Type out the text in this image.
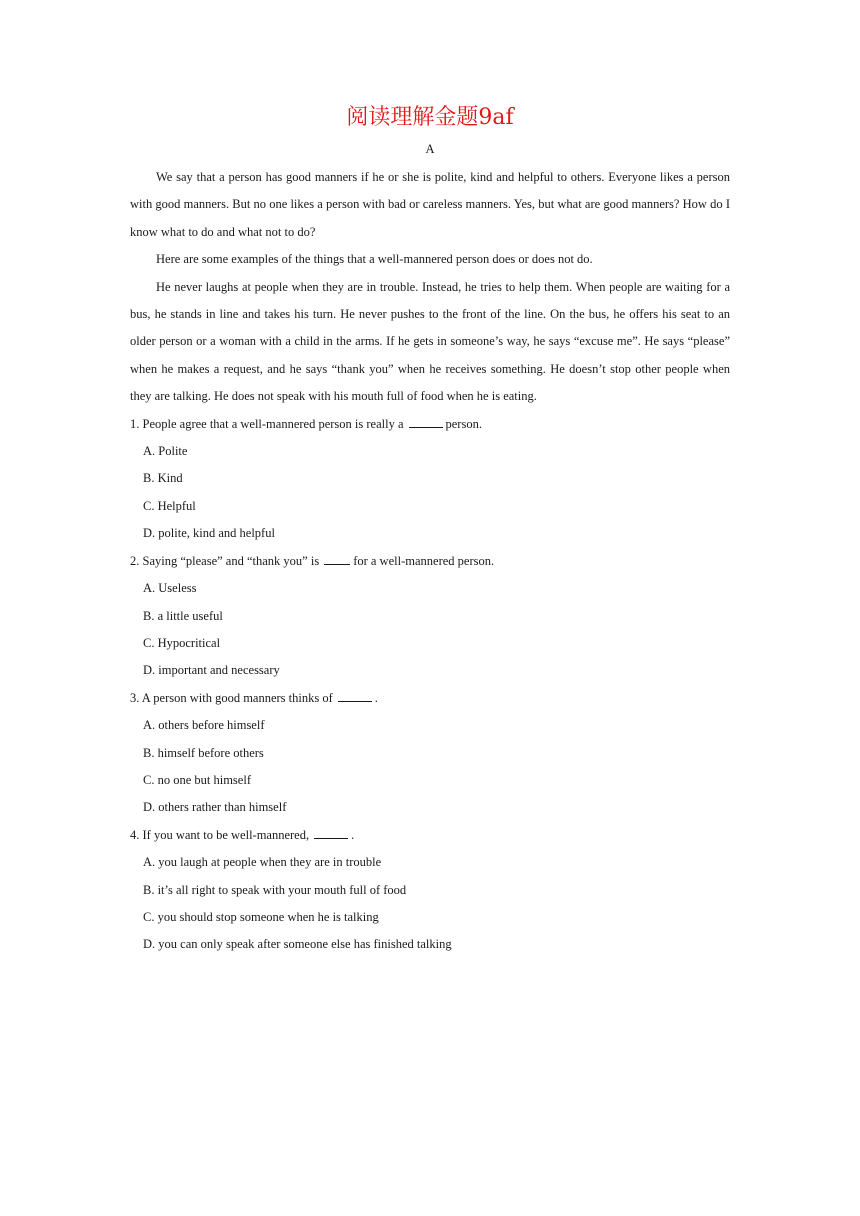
阅读理解金题9af
A

We say that a person has good manners if he or she is polite, kind and helpful to others. Everyone likes a person with good manners. But no one likes a person with bad or careless manners. Yes, but what are good manners? How do I know what to do and what not to do?

Here are some examples of the things that a well-mannered person does or does not do.

He never laughs at people when they are in trouble. Instead, he tries to help them. When people are waiting for a bus, he stands in line and takes his turn. He never pushes to the front of the line. On the bus, he offers his seat to an older person or a woman with a child in the arms. If he gets in someone’s way, he says “excuse me”. He says “please” when he makes a request, and he says “thank you” when he receives something. He doesn’t stop other people when they are talking. He does not speak with his mouth full of food when he is eating.

1. People agree that a well-mannered person is really a	person.

A. Polite

B. Kind

C. Helpful

D. polite, kind and helpful

2. Saying “please” and “thank you” is	for a well-mannered person.

A. Useless

B. a little useful

C. Hypocritical

D. important and necessary

3. A person with good manners thinks of	.

A. others before himself

B. himself before others

C. no one but himself

D. others rather than himself

4. If you want to be well-mannered,	.

A. you laugh at people when they are in trouble

B. it’s all right to speak with your mouth full of food

C. you should stop someone when he is talking

D. you can only speak after someone else has finished talking
